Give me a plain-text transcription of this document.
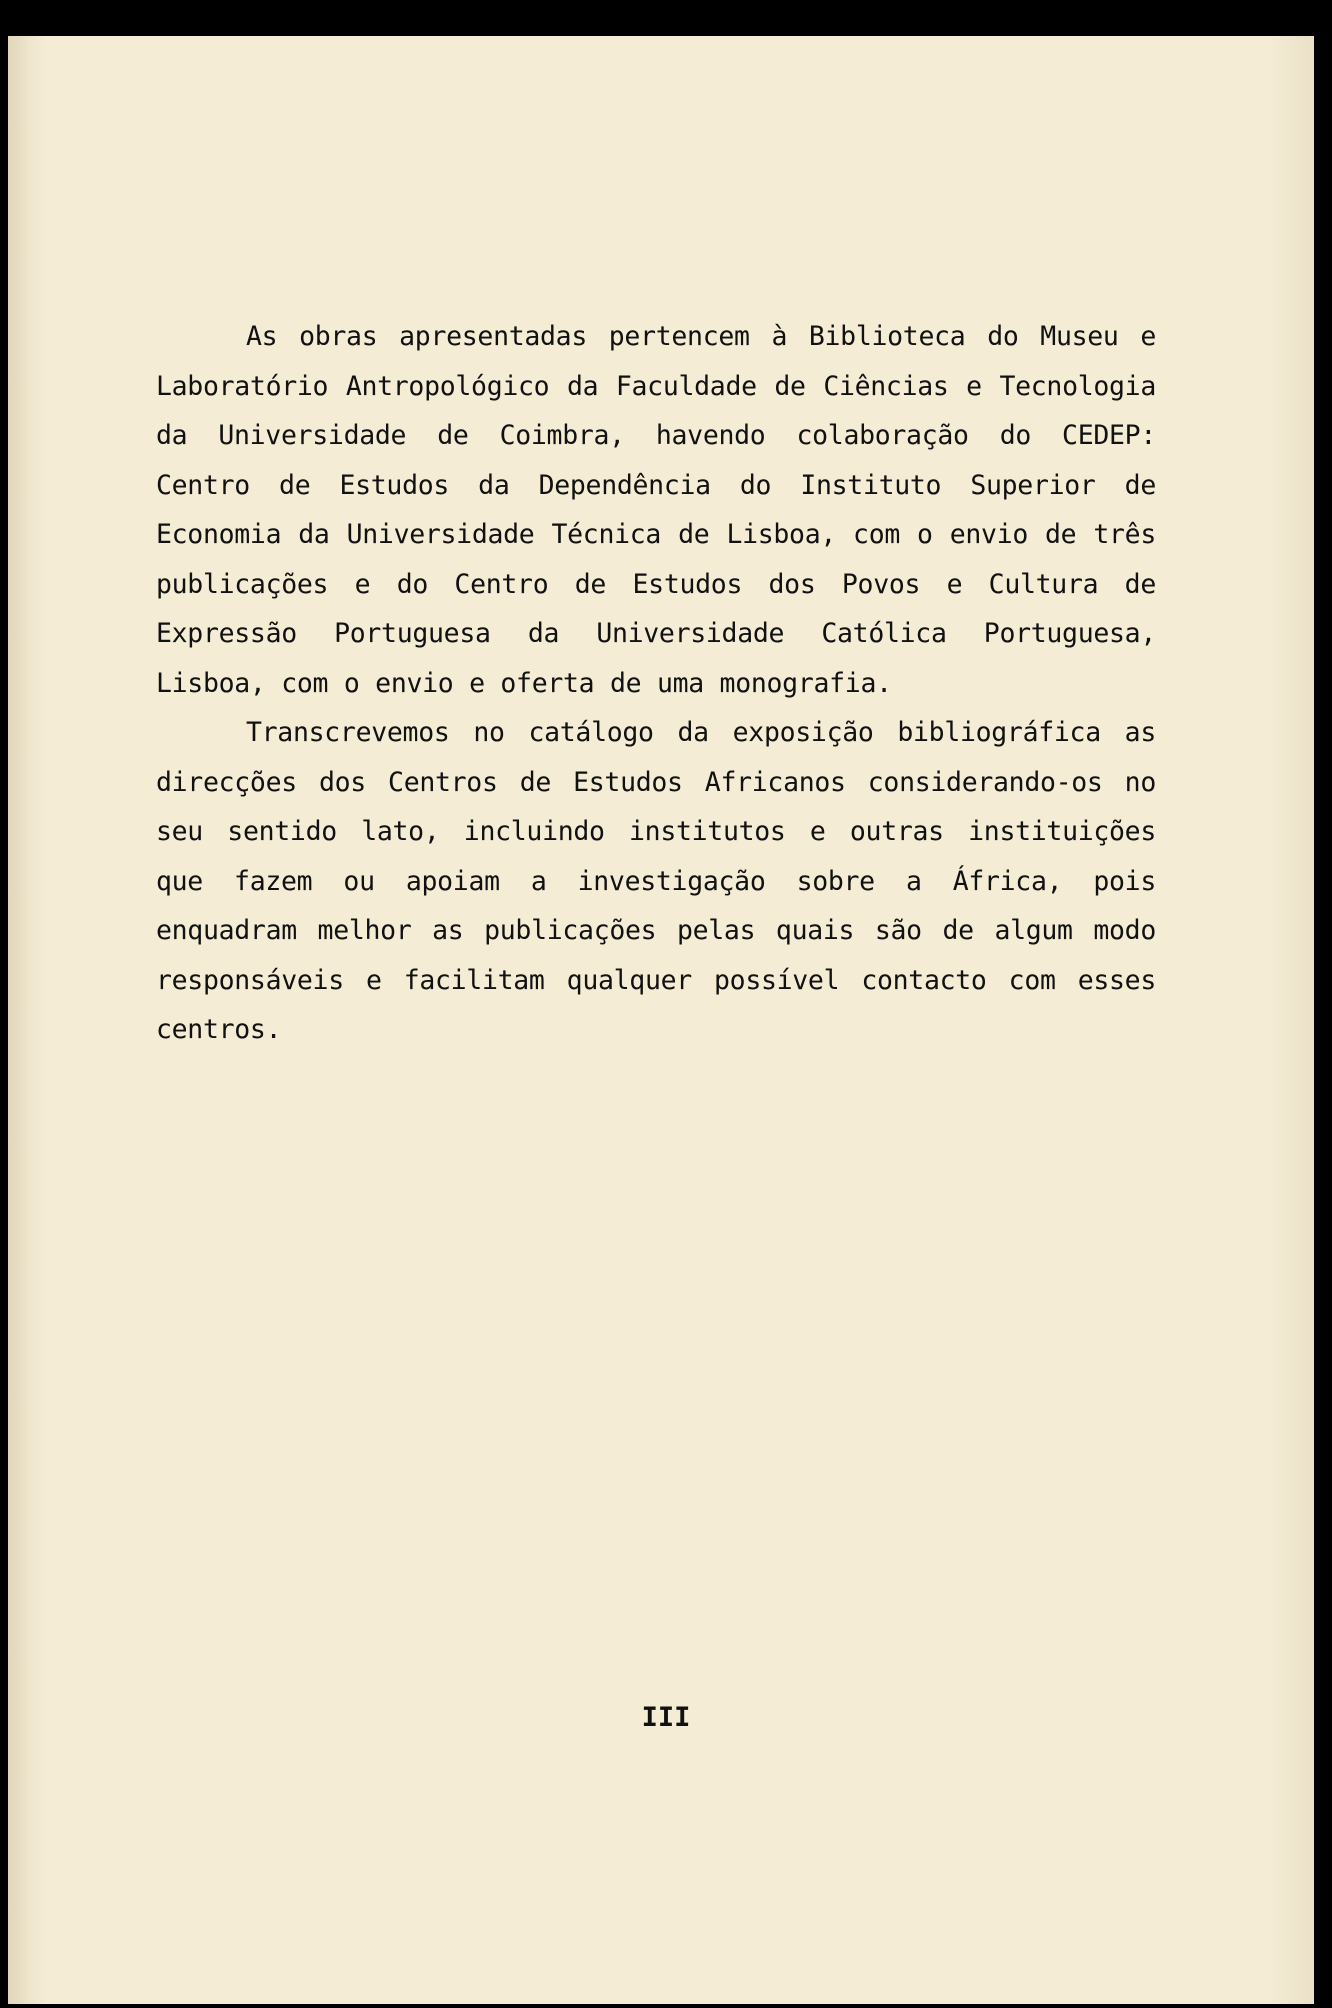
As obras apresentadas pertencem à Biblioteca do Museu e Laboratório Antropológico da Faculdade de Ciências e Tecnologia da Universidade de Coimbra, havendo colaboração do CEDEP: Centro de Estudos da Dependência do Instituto Superior de Economia da Universidade Técnica de Lisboa, com o envio de três publicações e do Centro de Estudos dos Povos e Cultura de Expressão Portuguesa da Universidade Católica Portuguesa, Lisboa, com o envio e oferta de uma monografia.

Transcrevemos no catálogo da exposição bibliográfica as direcções dos Centros de Estudos Africanos considerando-os no seu sentido lato, incluindo institutos e outras instituições que fazem ou apoiam a investigação sobre a África, pois enquadram melhor as publicações pelas quais são de algum modo responsáveis e facilitam qualquer possível contacto com esses centros.

III
